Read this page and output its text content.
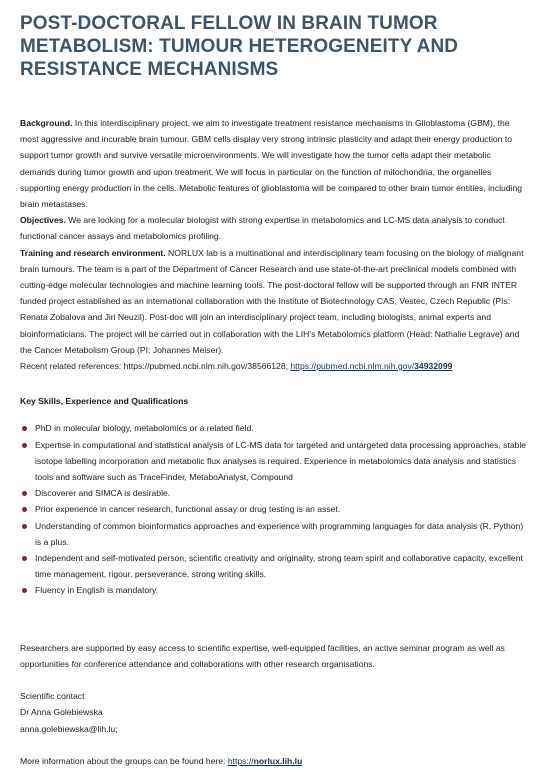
POST-DOCTORAL FELLOW IN BRAIN TUMOR METABOLISM: TUMOUR HETEROGENEITY AND RESISTANCE MECHANISMS

Background. In this interdisciplinary project, we aim to investigate treatment resistance mechanisms in Glioblastoma (GBM), the most aggressive and incurable brain tumour. GBM cells display very strong intrinsic plasticity and adapt their energy production to support tumor growth and survive versatile microenvironments. We will investigate how the tumor cells adapt their metabolic demands during tumor growth and upon treatment. We will focus in particular on the function of mitochondria, the organelles supporting energy production in the cells. Metabolic features of glioblastoma will be compared to other brain tumor entities, including brain metastases.

Objectives. We are looking for a molecular biologist with strong expertise in metabolomics and LC-MS data analysis to conduct functional cancer assays and metabolomics profiling.

Training and research environment. NORLUX lab is a multinational and interdisciplinary team focusing on the biology of malignant brain tumours. The team is a part of the Department of Cancer Research and use state-of-the-art preclinical models combined with cutting-edge molecular technologies and machine learning tools. The post-doctoral fellow will be supported through an FNR INTER funded project established as an international collaboration with the Institute of Biotechnology CAS, Vestec, Czech Republic (PIs: Renata Zobalova and Jiri Neuzil). Post-doc will join an interdisciplinary project team, including biologists, animal experts and bioinformaticians. The project will be carried out in collaboration with the LIH’s Metabolomics platform (Head: Nathalie Legrave) and the Cancer Metabolism Group (PI: Johannes Meiser).
Recent related references: https://pubmed.ncbi.nlm.nih.gov/38566128; https://pubmed.ncbi.nlm.nih.gov/34932099

Key Skills, Experience and Qualifications
PhD in molecular biology, metabolomics or a related field.
Expertise in computational and statistical analysis of LC-MS data for targeted and untargeted data processing approaches, stable isotope labelling incorporation and metabolic flux analyses is required. Experience in metabolomics data analysis and statistics tools and software such as TraceFinder, MetaboAnalyst, Compound
Discoverer and SIMCA is desirable.
Prior experience in cancer research, functional assay or drug testing is an asset.
Understanding of common bioinformatics approaches and experience with programming languages for data analysis (R, Python) is a plus.
Independent and self-motivated person, scientific creativity and originality, strong team spirit and collaborative capacity, excellent time management, rigour, perseverance, strong writing skills.
Fluency in English is mandatory.

Researchers are supported by easy access to scientific expertise, well-equipped facilities, an active seminar program as well as opportunities for conference attendance and collaborations with other research organisations.

Scientific contact
Dr Anna Golebiewska
anna.golebiewska@lih.lu;
More information about the groups can be found here: https://norlux.lih.lu
